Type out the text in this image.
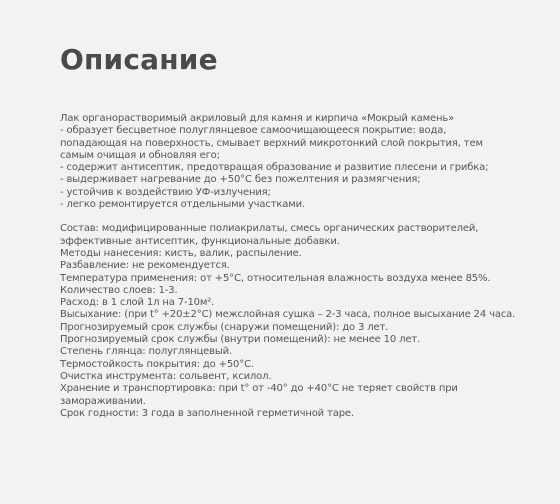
Описание

Лак органорастворимый акриловый для камня и кирпича «Мокрый камень»
- образует бесцветное полуглянцевое самоочищающееся покрытие: вода,
попадающая на поверхность, смывает верхний микротонкий слой покрытия, тем
самым очищая и обновляя его;
- содержит антисептик, предотвращая образование и развитие плесени и грибка;
- выдерживает нагревание до +50°С без пожелтения и размягчения;
- устойчив к воздействию УФ-излучения;
- легко ремонтируется отдельными участками.

Состав: модифицированные полиакрилаты, смесь органических растворителей,
эффективные антисептик, функциональные добавки.
Методы нанесения: кисть, валик, распыление.
Разбавление: не рекомендуется.
Температура применения: от +5°С, относительная влажность воздуха менее 85%.
Количество слоев: 1-3.
Расход: в 1 слой 1л на 7-10м².
Высыхание: (при t° +20±2°С) межслойная сушка – 2-3 часа, полное высыхание 24 часа.
Прогнозируемый срок службы (снаружи помещений): до 3 лет.
Прогнозируемый срок службы (внутри помещений): не менее 10 лет.
Степень глянца: полуглянцевый.
Термостойкость покрытия: до +50°С.
Очистка инструмента: сольвент, ксилол.
Хранение и транспортировка: при t° от -40° до +40°С не теряет свойств при
замораживании.
Срок годности: 3 года в заполненной герметичной таре.
